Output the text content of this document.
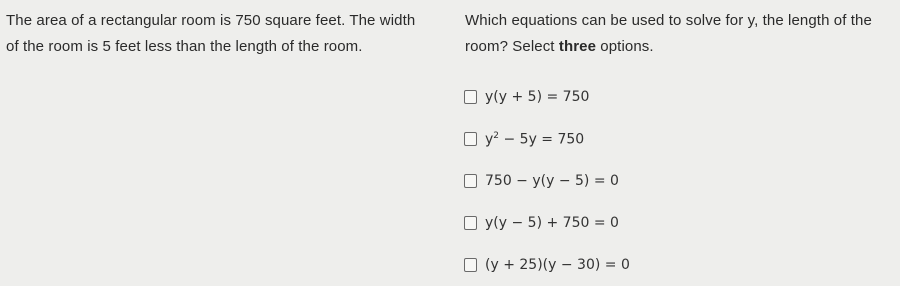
The area of a rectangular room is 750 square feet. The width of the room is 5 feet less than the length of the room.
Which equations can be used to solve for y, the length of the room? Select three options.
y(y + 5) = 750
$y^2 - 5y = 750$
750 − y(y − 5) = 0
y(y − 5) + 750 = 0
(y + 25)(y − 30) = 0
